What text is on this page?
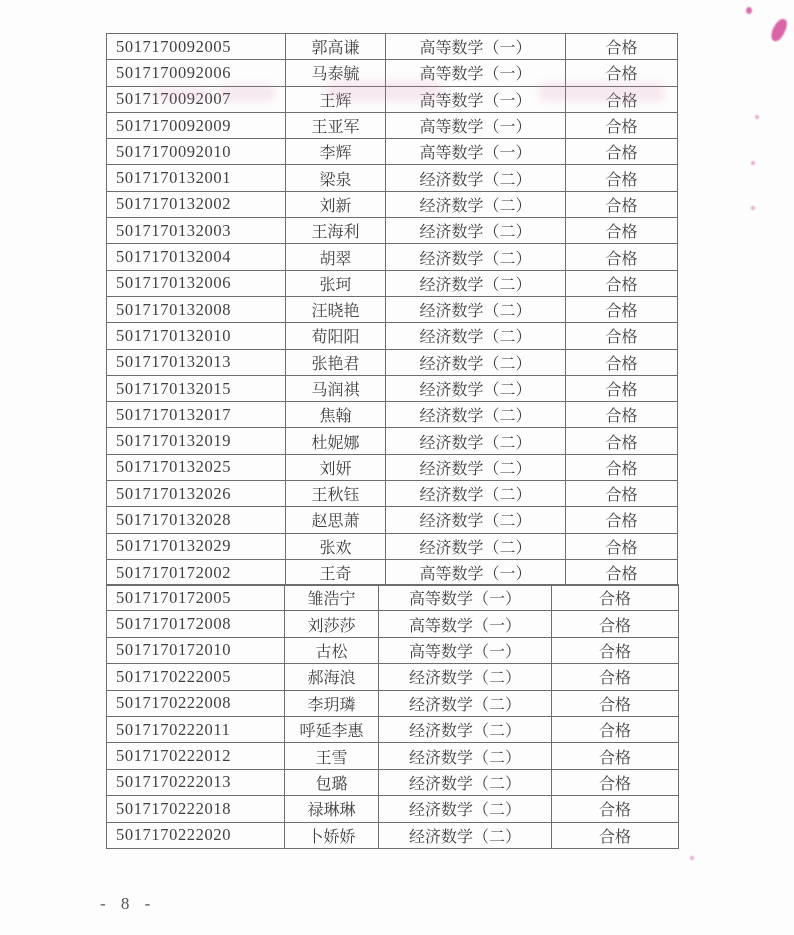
5017170092005	郭高谦	高等数学（一）	合格
5017170092006	马泰毓	高等数学（一）	合格
5017170092007	王辉	高等数学（一）	合格
5017170092009	王亚军	高等数学（一）	合格
5017170092010	李辉	高等数学（一）	合格
5017170132001	梁泉	经济数学（二）	合格
5017170132002	刘新	经济数学（二）	合格
5017170132003	王海利	经济数学（二）	合格
5017170132004	胡翠	经济数学（二）	合格
5017170132006	张珂	经济数学（二）	合格
5017170132008	汪晓艳	经济数学（二）	合格
5017170132010	荀阳阳	经济数学（二）	合格
5017170132013	张艳君	经济数学（二）	合格
5017170132015	马润祺	经济数学（二）	合格
5017170132017	焦翰	经济数学（二）	合格
5017170132019	杜妮娜	经济数学（二）	合格
5017170132025	刘妍	经济数学（二）	合格
5017170132026	王秋钰	经济数学（二）	合格
5017170132028	赵思萧	经济数学（二）	合格
5017170132029	张欢	经济数学（二）	合格
5017170172002	王奇	高等数学（一）	合格
5017170172005	雏浩宁	高等数学（一）	合格
5017170172008	刘莎莎	高等数学（一）	合格
5017170172010	古松	高等数学（一）	合格
5017170222005	郝海浪	经济数学（二）	合格
5017170222008	李玥璘	经济数学（二）	合格
5017170222011	呼延李惠	经济数学（二）	合格
5017170222012	王雪	经济数学（二）	合格
5017170222013	包璐	经济数学（二）	合格
5017170222018	禄琳琳	经济数学（二）	合格
5017170222020	卜娇娇	经济数学（二）	合格
- 8 -
